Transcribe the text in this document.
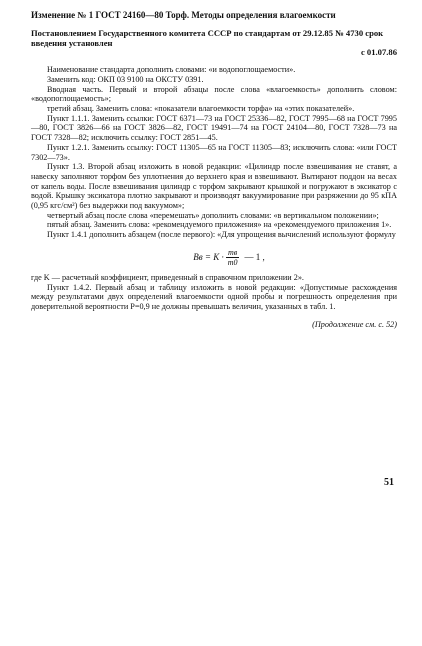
Изменение № 1 ГОСТ 24160—80 Торф. Методы определения влагоемкости

Постановлением Государственного комитета СССР по стандартам от 29.12.85 № 4730 срок введения установлен
с 01.07.86

Наименование стандарта дополнить словами: «и водопоглощаемости».

Заменить код: ОКП 03 9100 на ОКСТУ 0391.

Вводная часть. Первый и второй абзацы после слова «влагоемкость» дополнить словом: «водопоглощаемость»;

третий абзац. Заменить слова: «показатели влагоемкости торфа» на «этих показателей».

Пункт 1.1.1. Заменить ссылки: ГОСТ 6371—73 на ГОСТ 25336—82, ГОСТ 7995—68 на ГОСТ 7995—80, ГОСТ 3826—66 на ГОСТ 3826—82, ГОСТ 19491—74 на ГОСТ 24104—80, ГОСТ 7328—73 на ГОСТ 7328—82; исключить ссылку: ГОСТ 2851—45.

Пункт 1.2.1. Заменить ссылку: ГОСТ 11305—65 на ГОСТ 11305—83; исключить слова: «или ГОСТ 7302—73».

Пункт 1.3. Второй абзац изложить в новой редакции: «Цилиндр после взвешивания не ставят, а навеску заполняют торфом без уплотнения до верхнего края и взвешивают. Вытирают поддон на весах от капель воды. После взвешивания цилиндр с торфом закрывают крышкой и погружают в эксикатор с водой. Крышку эксикатора плотно закрывают и производят вакуумирование при разряжении до 95 кПА (0,95 кгс/см²) без выдержки под вакуумом»;

четвертый абзац после слова «перемешать» дополнить словами: «в вертикальном положении»;

пятый абзац. Заменить слова: «рекомендуемого приложения» на «рекомендуемого приложения 1».

Пункт 1.4.1 дополнить абзацем (после первого): «Для упрощения вычислений используют формулу

Bв = $K \cdot \frac{mв}{m0}$ — 1 ,

где K — расчетный коэффициент, приведенный в справочном приложении 2».

Пункт 1.4.2. Первый абзац и таблицу изложить в новой редакции: «Допустимые расхождения между результатами двух определений влагоемкости одной пробы и погрешность определения при доверительной вероятности P=0,9 не должны превышать величин, указанных в табл. 1.

(Продолжение см. с. 52)
51
